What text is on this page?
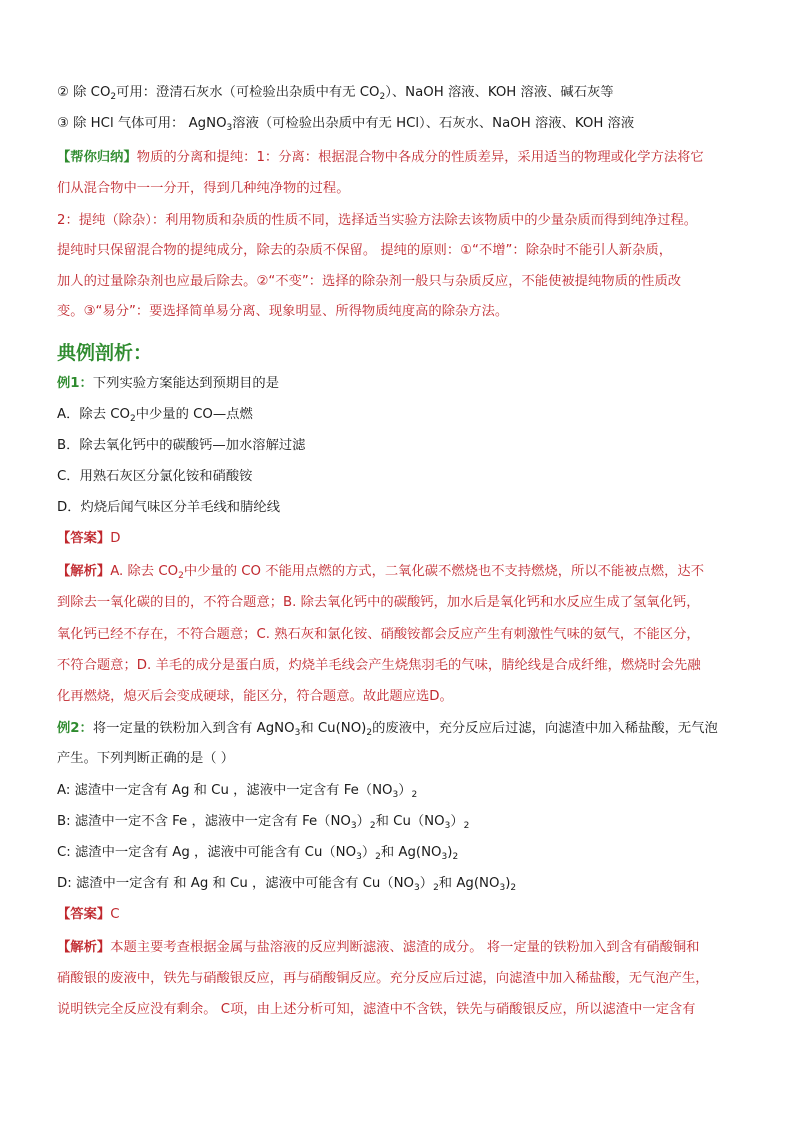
② 除 $CO_2$可用：澄清石灰水（可检验出杂质中有无 $CO_2$）、NaOH 溶液、KOH 溶液、碱石灰等
③ 除 HCl 气体可用： AgNO$_3$溶液（可检验出杂质中有无 HCl）、石灰水、NaOH 溶液、KOH 溶液
【帮你归纳】物质的分离和提纯：1：分离：根据混合物中各成分的性质差异，采用适当的物理或化学方法将它
们从混合物中一一分开，得到几种纯净物的过程。
2：提纯（除杂）：利用物质和杂质的性质不同，选择适当实验方法除去该物质中的少量杂质而得到纯净过程。
提纯时只保留混合物的提纯成分，除去的杂质不保留。 提纯的原则：①“不增”：除杂时不能引人新杂质，
加人的过量除杂剂也应最后除去。②“不变”：选择的除杂剂一般只与杂质反应，不能使被提纯物质的性质改
变。③“易分”：要选择简单易分离、现象明显、所得物质纯度高的除杂方法。
典例剖析：
例1：下列实验方案能达到预期目的是
A．除去 $CO_2$中少量的 CO—点燃
B．除去氧化钙中的碳酸钙—加水溶解过滤
C．用熟石灰区分氯化铵和硝酸铵
D．灼烧后闻气味区分羊毛线和腈纶线
【答案】D
【解析】A. 除去 $CO_2$中少量的 CO 不能用点燃的方式，二氧化碳不燃烧也不支持燃烧，所以不能被点燃，达不
到除去一氧化碳的目的，不符合题意；B. 除去氧化钙中的碳酸钙，加水后是氧化钙和水反应生成了氢氧化钙，
氧化钙已经不存在，不符合题意；C. 熟石灰和氯化铵、硝酸铵都会反应产生有刺激性气味的氨气，不能区分，
不符合题意；D. 羊毛的成分是蛋白质，灼烧羊毛线会产生烧焦羽毛的气味，腈纶线是合成纤维，燃烧时会先融
化再燃烧，熄灭后会变成硬球，能区分，符合题意。故此题应选D。
例2：将一定量的铁粉加入到含有 AgNO$_3$和 $Cu(NO)_2$的废液中，充分反应后过滤，向滤渣中加入稀盐酸，无气泡
产生。下列判断正确的是（ ）
A: 滤渣中一定含有 Ag 和 Cu ，滤液中一定含有 $Fe(NO_3)_2$
B: 滤渣中一定不含 Fe ，滤液中一定含有 $Fe(NO_3)_2$和 $Cu(NO_3)_2$
C: 滤渣中一定含有 Ag ，滤液中可能含有 $Cu(NO_3)_2$和 $Ag(NO_3)_2$
D: 滤渣中一定含有 和 Ag 和 Cu ，滤液中可能含有 $Cu(NO_3)_2$和 $Ag(NO_3)_2$
【答案】C
【解析】本题主要考查根据金属与盐溶液的反应判断滤液、滤渣的成分。 将一定量的铁粉加入到含有硝酸铜和
硝酸银的废液中，铁先与硝酸银反应，再与硝酸铜反应。充分反应后过滤，向滤渣中加入稀盐酸，无气泡产生，
说明铁完全反应没有剩余。 C项，由上述分析可知，滤渣中不含铁，铁先与硝酸银反应，所以滤渣中一定含有
